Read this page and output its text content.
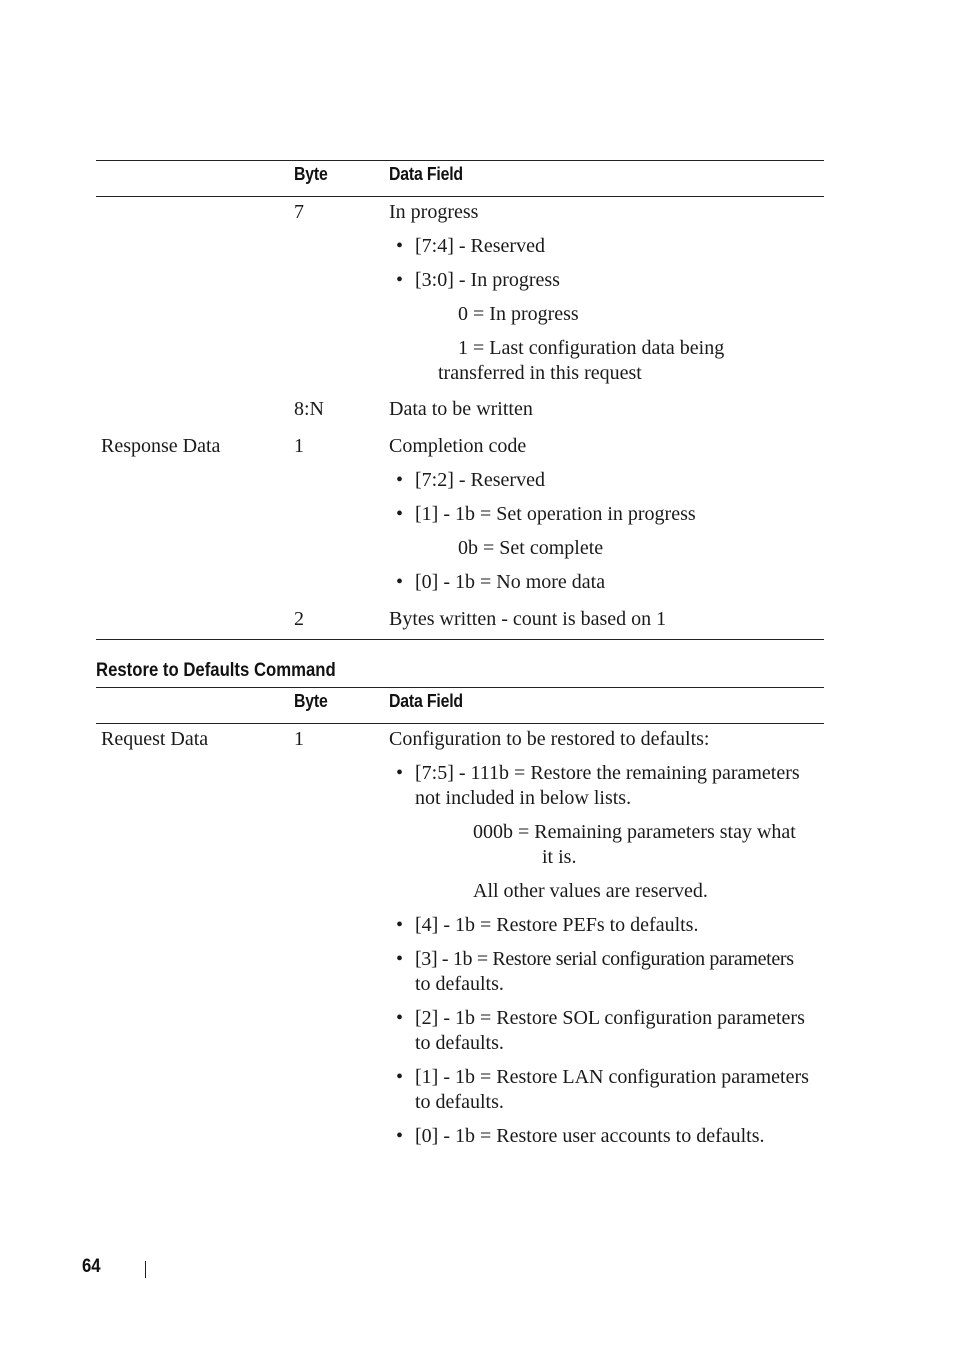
Byte	Data Field
7	In progress
• [7:4] - Reserved
• [3:0] - In progress
0 = In progress
1 = Last configuration data being
transferred in this request
8:N	Data to be written
Response Data	1	Completion code
• [7:2] - Reserved
• [1] - 1b = Set operation in progress
0b = Set complete
• [0] - 1b = No more data
2	Bytes written - count is based on 1
Restore to Defaults Command
Byte	Data Field
Request Data	1	Configuration to be restored to defaults:
• [7:5] - 111b = Restore the remaining parameters
not included in below lists.
000b = Remaining parameters stay what
it is.
All other values are reserved.
• [4] - 1b = Restore PEFs to defaults.
• [3] - 1b = Restore serial configuration parameters
to defaults.
• [2] - 1b = Restore SOL configuration parameters
to defaults.
• [1] - 1b = Restore LAN configuration parameters
to defaults.
• [0] - 1b = Restore user accounts to defaults.
64
